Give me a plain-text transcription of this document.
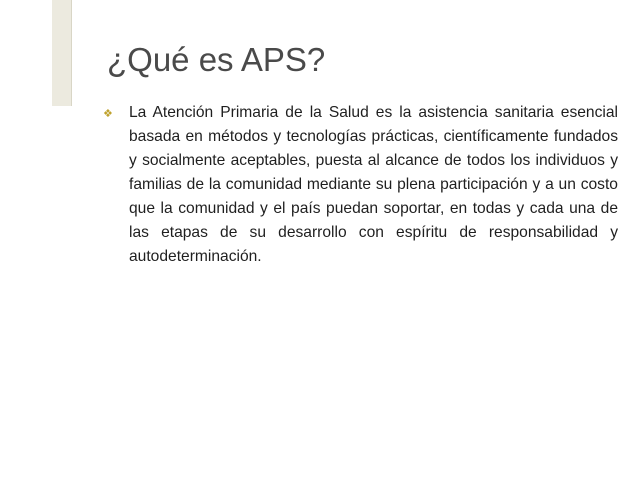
¿Qué es APS?
❖	La Atención Primaria de la Salud es la asistencia sanitaria esencial basada en métodos y tecnologías prácticas, científicamente fundados y socialmente aceptables, puesta al alcance de todos los individuos y familias de la comunidad mediante su plena participación y a un costo que la comunidad y el país puedan soportar, en todas y cada una de las etapas de su desarrollo con espíritu de responsabilidad y autodeterminación.
